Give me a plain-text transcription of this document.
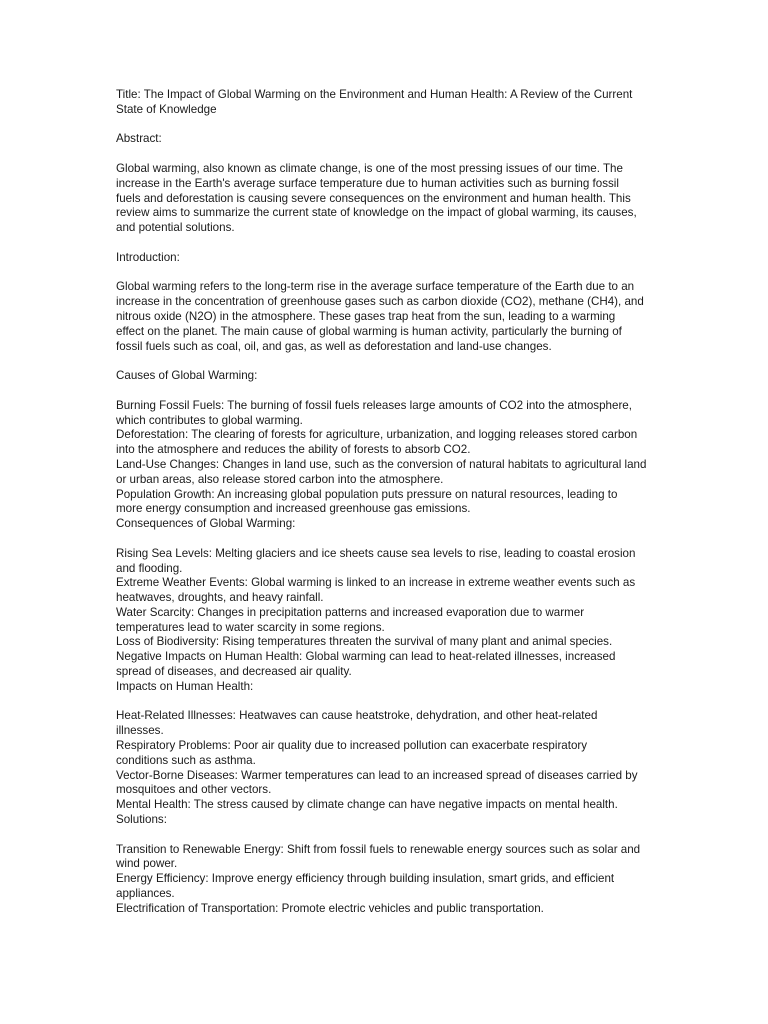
Title: The Impact of Global Warming on the Environment and Human Health: A Review of the Current
State of Knowledge
Abstract:
Global warming, also known as climate change, is one of the most pressing issues of our time. The
increase in the Earth's average surface temperature due to human activities such as burning fossil
fuels and deforestation is causing severe consequences on the environment and human health. This
review aims to summarize the current state of knowledge on the impact of global warming, its causes,
and potential solutions.
Introduction:
Global warming refers to the long-term rise in the average surface temperature of the Earth due to an
increase in the concentration of greenhouse gases such as carbon dioxide (CO2), methane (CH4), and
nitrous oxide (N2O) in the atmosphere. These gases trap heat from the sun, leading to a warming
effect on the planet. The main cause of global warming is human activity, particularly the burning of
fossil fuels such as coal, oil, and gas, as well as deforestation and land-use changes.
Causes of Global Warming:
Burning Fossil Fuels: The burning of fossil fuels releases large amounts of CO2 into the atmosphere,
which contributes to global warming.
Deforestation: The clearing of forests for agriculture, urbanization, and logging releases stored carbon
into the atmosphere and reduces the ability of forests to absorb CO2.
Land-Use Changes: Changes in land use, such as the conversion of natural habitats to agricultural land
or urban areas, also release stored carbon into the atmosphere.
Population Growth: An increasing global population puts pressure on natural resources, leading to
more energy consumption and increased greenhouse gas emissions.
Consequences of Global Warming:
Rising Sea Levels: Melting glaciers and ice sheets cause sea levels to rise, leading to coastal erosion
and flooding.
Extreme Weather Events: Global warming is linked to an increase in extreme weather events such as
heatwaves, droughts, and heavy rainfall.
Water Scarcity: Changes in precipitation patterns and increased evaporation due to warmer
temperatures lead to water scarcity in some regions.
Loss of Biodiversity: Rising temperatures threaten the survival of many plant and animal species.
Negative Impacts on Human Health: Global warming can lead to heat-related illnesses, increased
spread of diseases, and decreased air quality.
Impacts on Human Health:
Heat-Related Illnesses: Heatwaves can cause heatstroke, dehydration, and other heat-related
illnesses.
Respiratory Problems: Poor air quality due to increased pollution can exacerbate respiratory
conditions such as asthma.
Vector-Borne Diseases: Warmer temperatures can lead to an increased spread of diseases carried by
mosquitoes and other vectors.
Mental Health: The stress caused by climate change can have negative impacts on mental health.
Solutions:
Transition to Renewable Energy: Shift from fossil fuels to renewable energy sources such as solar and
wind power.
Energy Efficiency: Improve energy efficiency through building insulation, smart grids, and efficient
appliances.
Electrification of Transportation: Promote electric vehicles and public transportation.
